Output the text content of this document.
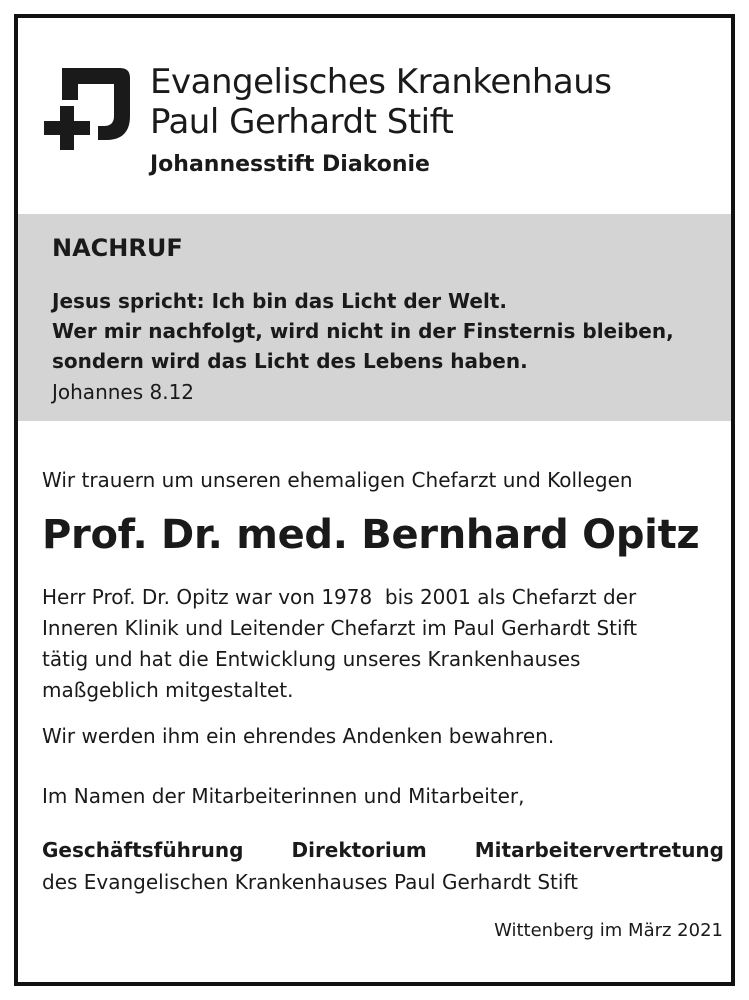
Evangelisches Krankenhaus
Paul Gerhardt Stift
Johannesstift Diakonie
NACHRUF
Jesus spricht: Ich bin das Licht der Welt.
Wer mir nachfolgt, wird nicht in der Finsternis bleiben,
sondern wird das Licht des Lebens haben.
Johannes 8.12
Wir trauern um unseren ehemaligen Chefarzt und Kollegen
Prof. Dr. med. Bernhard Opitz
Herr Prof. Dr. Opitz war von 1978  bis 2001 als Chefarzt der
Inneren Klinik und Leitender Chefarzt im Paul Gerhardt Stift
tätig und hat die Entwicklung unseres Krankenhauses
maßgeblich mitgestaltet.
Wir werden ihm ein ehrendes Andenken bewahren.
Im Namen der Mitarbeiterinnen und Mitarbeiter,
Geschäftsführung Direktorium Mitarbeitervertretung
des Evangelischen Krankenhauses Paul Gerhardt Stift
Wittenberg im März 2021
